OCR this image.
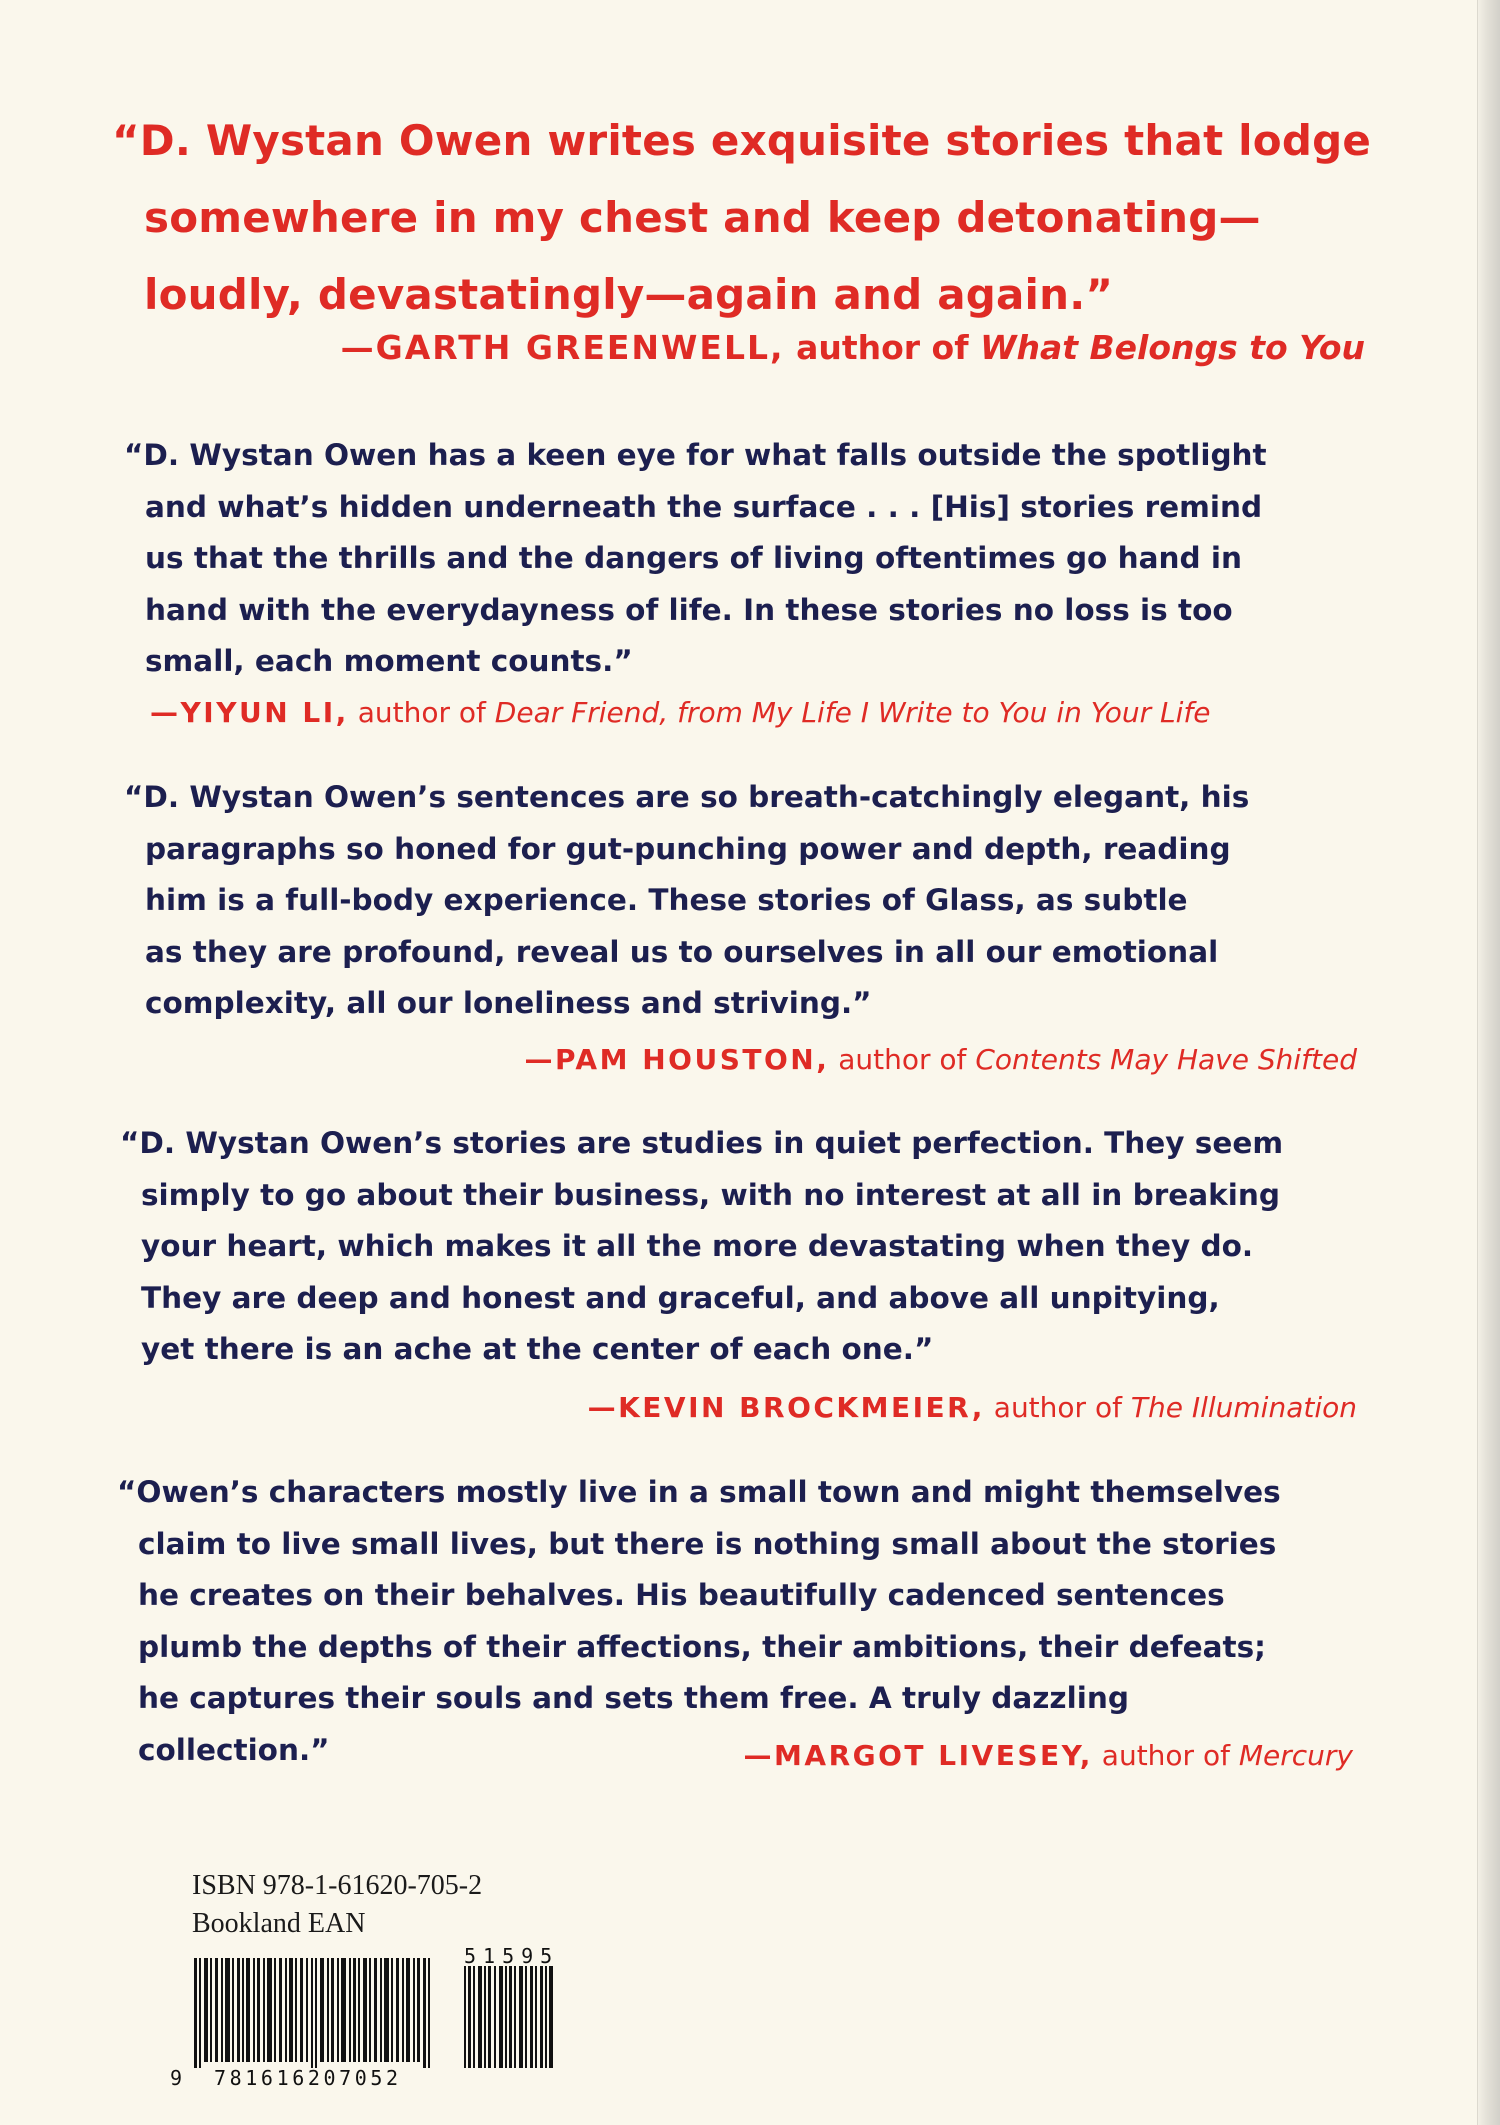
“D. Wystan Owen writes exquisite stories that lodge
somewhere in my chest and keep detonating—
loudly, devastatingly—again and again.”
—GARTH GREENWELL, author of What Belongs to You
“D. Wystan Owen has a keen eye for what falls outside the spotlight
and what’s hidden underneath the surface . . . [His] stories remind
us that the thrills and the dangers of living oftentimes go hand in
hand with the everydayness of life. In these stories no loss is too
small, each moment counts.”
—YIYUN LI, author of Dear Friend, from My Life I Write to You in Your Life
“D. Wystan Owen’s sentences are so breath-catchingly elegant, his
paragraphs so honed for gut-punching power and depth, reading
him is a full-body experience. These stories of Glass, as subtle
as they are profound, reveal us to ourselves in all our emotional
complexity, all our loneliness and striving.”
—PAM HOUSTON, author of Contents May Have Shifted
“D. Wystan Owen’s stories are studies in quiet perfection. They seem
simply to go about their business, with no interest at all in breaking
your heart, which makes it all the more devastating when they do.
They are deep and honest and graceful, and above all unpitying,
yet there is an ache at the center of each one.”
—KEVIN BROCKMEIER, author of The Illumination
“Owen’s characters mostly live in a small town and might themselves
claim to live small lives, but there is nothing small about the stories
he creates on their behalves. His beautifully cadenced sentences
plumb the depths of their affections, their ambitions, their defeats;
he captures their souls and sets them free. A truly dazzling
collection.”	—MARGOT LIVESEY, author of Mercury
ISBN 978-1-61620-705-2
Bookland EAN
51595
9 781616207052
